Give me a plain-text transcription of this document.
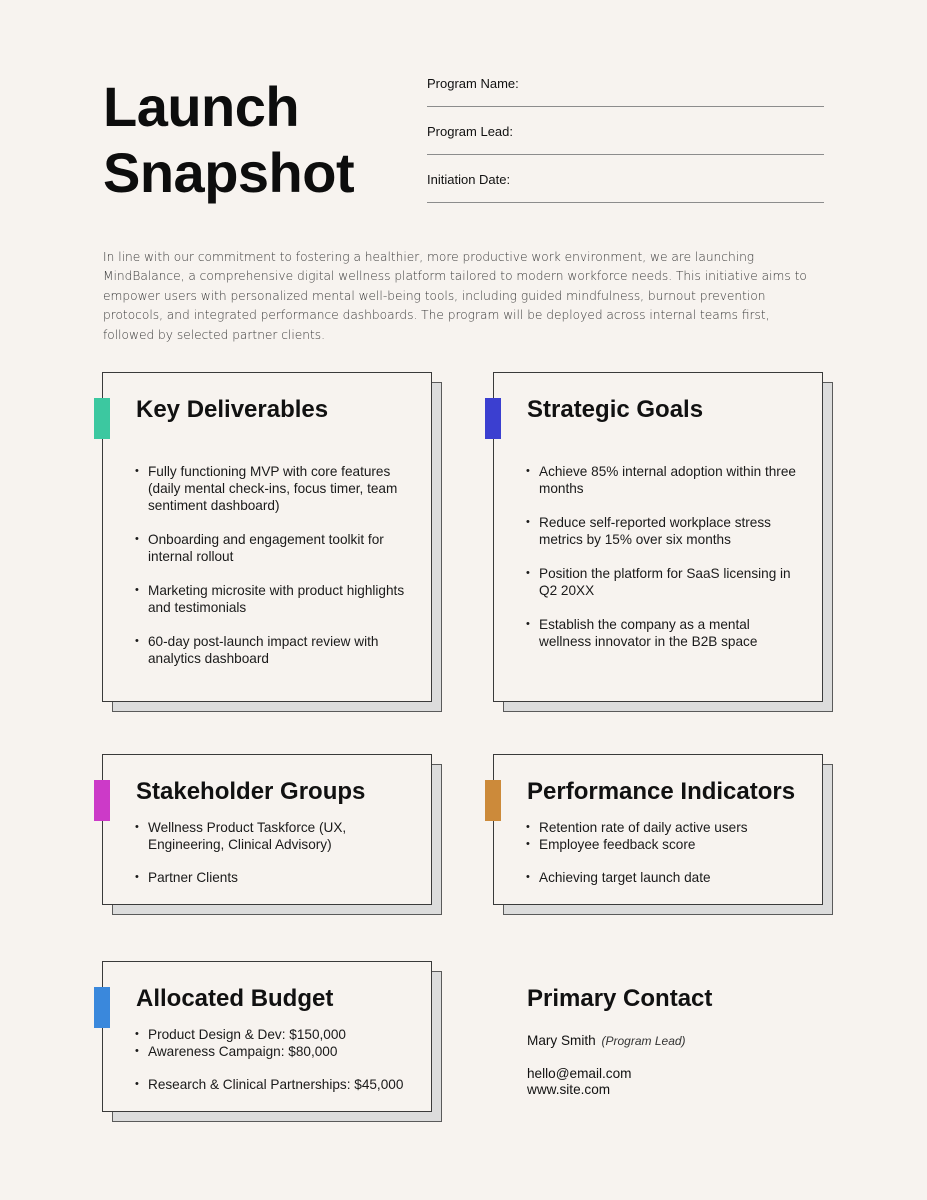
Launch
Snapshot
Program Name:
Program Lead:
Initiation Date:

In line with our commitment to fostering a healthier, more productive work environment, we are launching MindBalance, a comprehensive digital wellness platform tailored to modern workforce needs. This initiative aims to empower users with personalized mental well-being tools, including guided mindfulness, burnout prevention protocols, and integrated performance dashboards. The program will be deployed across internal teams first, followed by selected partner clients.

Key Deliverables
• Fully functioning MVP with core features (daily mental check-ins, focus timer, team sentiment dashboard)
• Onboarding and engagement toolkit for internal rollout
• Marketing microsite with product highlights and testimonials
• 60-day post-launch impact review with analytics dashboard
Strategic Goals
• Achieve 85% internal adoption within three months
• Reduce self-reported workplace stress metrics by 15% over six months
• Position the platform for SaaS licensing in Q2 20XX
• Establish the company as a mental wellness innovator in the B2B space
Stakeholder Groups
• Wellness Product Taskforce (UX, Engineering, Clinical Advisory)
• Partner Clients
Performance Indicators
• Retention rate of daily active users
• Employee feedback score
• Achieving target launch date
Allocated Budget
• Product Design & Dev: $150,000
• Awareness Campaign: $80,000
• Research & Clinical Partnerships: $45,000
Primary Contact
Mary Smith (Program Lead)
hello@email.com
www.site.com
